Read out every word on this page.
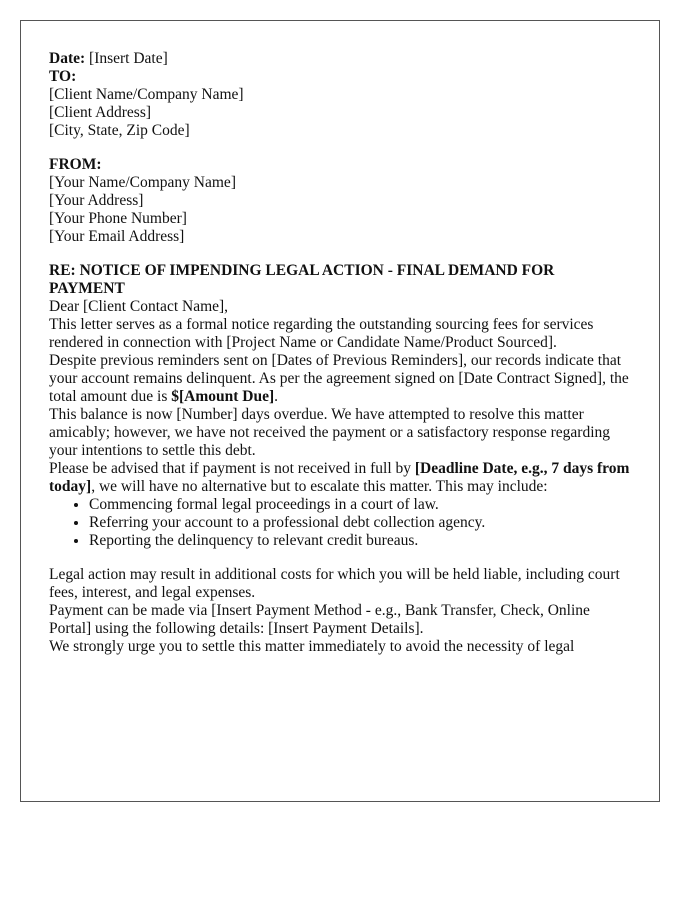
Date: [Insert Date]

TO:

[Client Name/Company Name]

[Client Address]

[City, State, Zip Code]

FROM:

[Your Name/Company Name]

[Your Address]

[Your Phone Number]

[Your Email Address]

RE: NOTICE OF IMPENDING LEGAL ACTION - FINAL DEMAND FOR PAYMENT

Dear [Client Contact Name],

This letter serves as a formal notice regarding the outstanding sourcing fees for services rendered in connection with [Project Name or Candidate Name/Product Sourced].

Despite previous reminders sent on [Dates of Previous Reminders], our records indicate that your account remains delinquent. As per the agreement signed on [Date Contract Signed], the total amount due is $[Amount Due].

This balance is now [Number] days overdue. We have attempted to resolve this matter amicably; however, we have not received the payment or a satisfactory response regarding your intentions to settle this debt.

Please be advised that if payment is not received in full by [Deadline Date, e.g., 7 days from today], we will have no alternative but to escalate this matter. This may include:

• Commencing formal legal proceedings in a court of law.
• Referring your account to a professional debt collection agency.
• Reporting the delinquency to relevant credit bureaus.

Legal action may result in additional costs for which you will be held liable, including court fees, interest, and legal expenses.

Payment can be made via [Insert Payment Method - e.g., Bank Transfer, Check, Online Portal] using the following details: [Insert Payment Details].

We strongly urge you to settle this matter immediately to avoid the necessity of legal
